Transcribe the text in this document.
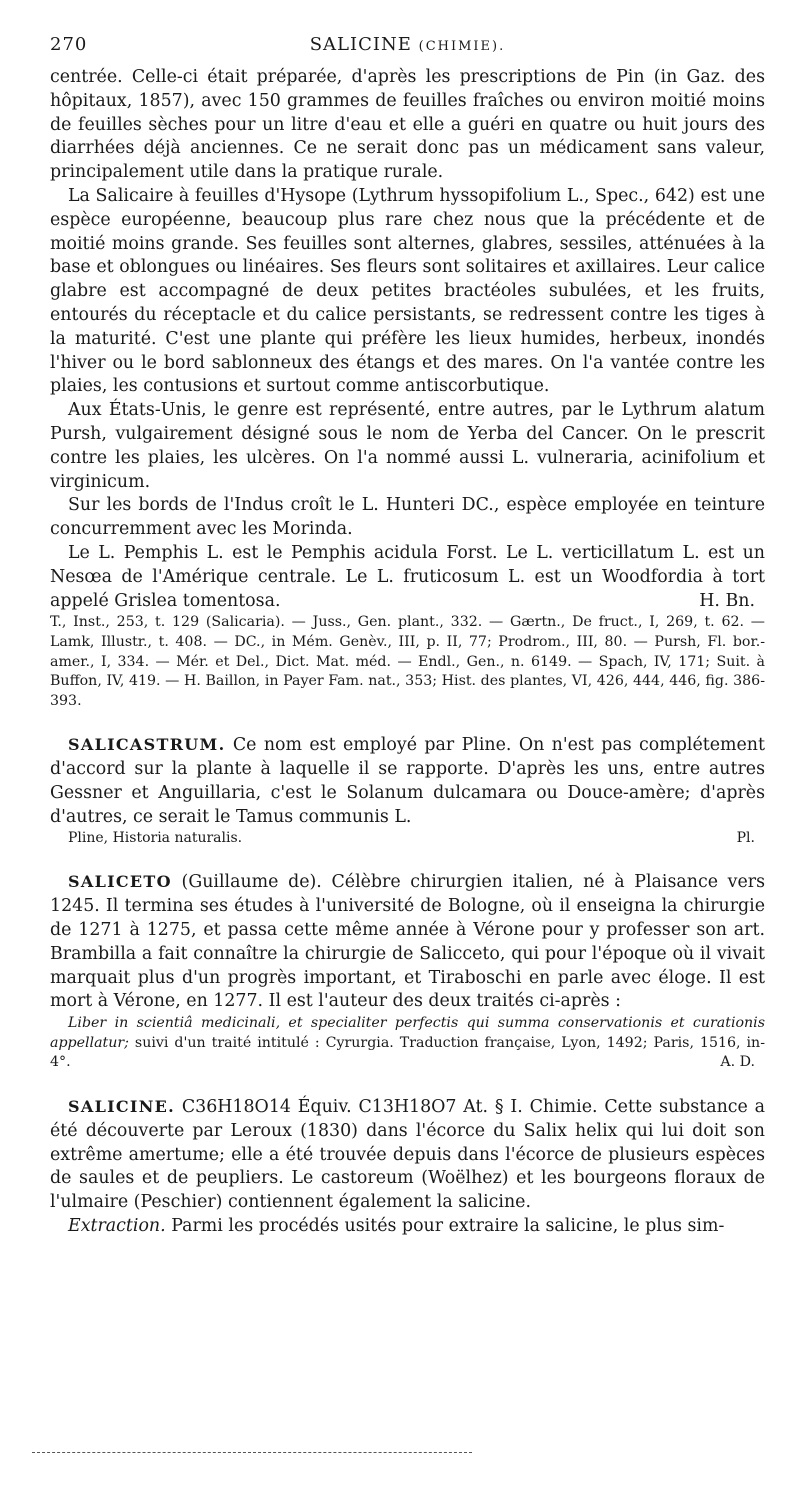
270	SALICINE (CHIMIE).

centrée. Celle-ci était préparée, d'après les prescriptions de Pin (in Gaz. des hôpitaux, 1857), avec 150 grammes de feuilles fraîches ou environ moitié moins de feuilles sèches pour un litre d'eau et elle a guéri en quatre ou huit jours des diarrhées déjà anciennes. Ce ne serait donc pas un médicament sans valeur, principalement utile dans la pratique rurale.

La Salicaire à feuilles d'Hysope (Lythrum hyssopifolium L., Spec., 642) est une espèce européenne, beaucoup plus rare chez nous que la précédente et de moitié moins grande. Ses feuilles sont alternes, glabres, sessiles, atténuées à la base et oblongues ou linéaires. Ses fleurs sont solitaires et axillaires. Leur calice glabre est accompagné de deux petites bractéoles subulées, et les fruits, entourés du réceptacle et du calice persistants, se redressent contre les tiges à la maturité. C'est une plante qui préfère les lieux humides, herbeux, inondés l'hiver ou le bord sablonneux des étangs et des mares. On l'a vantée contre les plaies, les contusions et surtout comme antiscorbutique.

Aux États-Unis, le genre est représenté, entre autres, par le Lythrum alatum Pursh, vulgairement désigné sous le nom de Yerba del Cancer. On le prescrit contre les plaies, les ulcères. On l'a nommé aussi L. vulneraria, acinifolium et virginicum.

Sur les bords de l'Indus croît le L. Hunteri DC., espèce employée en teinture concurremment avec les Morinda.

Le L. Pemphis L. est le Pemphis acidula Forst. Le L. verticillatum L. est un Nesœa de l'Amérique centrale. Le L. fruticosum L. est un Woodfordia à tort appelé Grislea tomentosa.	H. Bn.

T., Inst., 253, t. 129 (Salicaria). — Juss., Gen. plant., 332. — Gærtn., De fruct., I, 269, t. 62. — Lamk, Illustr., t. 408. — DC., in Mém. Genèv., III, p. II, 77; Prodrom., III, 80. — Pursh, Fl. bor.-amer., I, 334. — Mér. et Del., Dict. Mat. méd. — Endl., Gen., n. 6149. — Spach, IV, 171; Suit. à Buffon, IV, 419. — H. Baillon, in Payer Fam. nat., 353; Hist. des plantes, VI, 426, 444, 446, fig. 386-393.

SALICASTRUM. Ce nom est employé par Pline. On n'est pas complétement d'accord sur la plante à laquelle il se rapporte. D'après les uns, entre autres Gessner et Anguillaria, c'est le Solanum dulcamara ou Douce-amère; d'après d'autres, ce serait le Tamus communis L.

Pline, Historia naturalis.	Pl.

SALICETO (Guillaume de). Célèbre chirurgien italien, né à Plaisance vers 1245. Il termina ses études à l'université de Bologne, où il enseigna la chirurgie de 1271 à 1275, et passa cette même année à Vérone pour y professer son art. Brambilla a fait connaître la chirurgie de Salicceto, qui pour l'époque où il vivait marquait plus d'un progrès important, et Tiraboschi en parle avec éloge. Il est mort à Vérone, en 1277. Il est l'auteur des deux traités ci-après :

Liber in scientiâ medicinali, et specialiter perfectis qui summa conservationis et curationis appellatur; suivi d'un traité intitulé : Cyrurgia. Traduction française, Lyon, 1492; Paris, 1516, in-4°.	A. D.

SALICINE. C36H18O14 Équiv. C13H18O7 At. § I. Chimie. Cette substance a été découverte par Leroux (1830) dans l'écorce du Salix helix qui lui doit son extrême amertume; elle a été trouvée depuis dans l'écorce de plusieurs espèces de saules et de peupliers. Le castoreum (Woëlhez) et les bourgeons floraux de l'ulmaire (Peschier) contiennent également la salicine.

Extraction. Parmi les procédés usités pour extraire la salicine, le plus sim-
